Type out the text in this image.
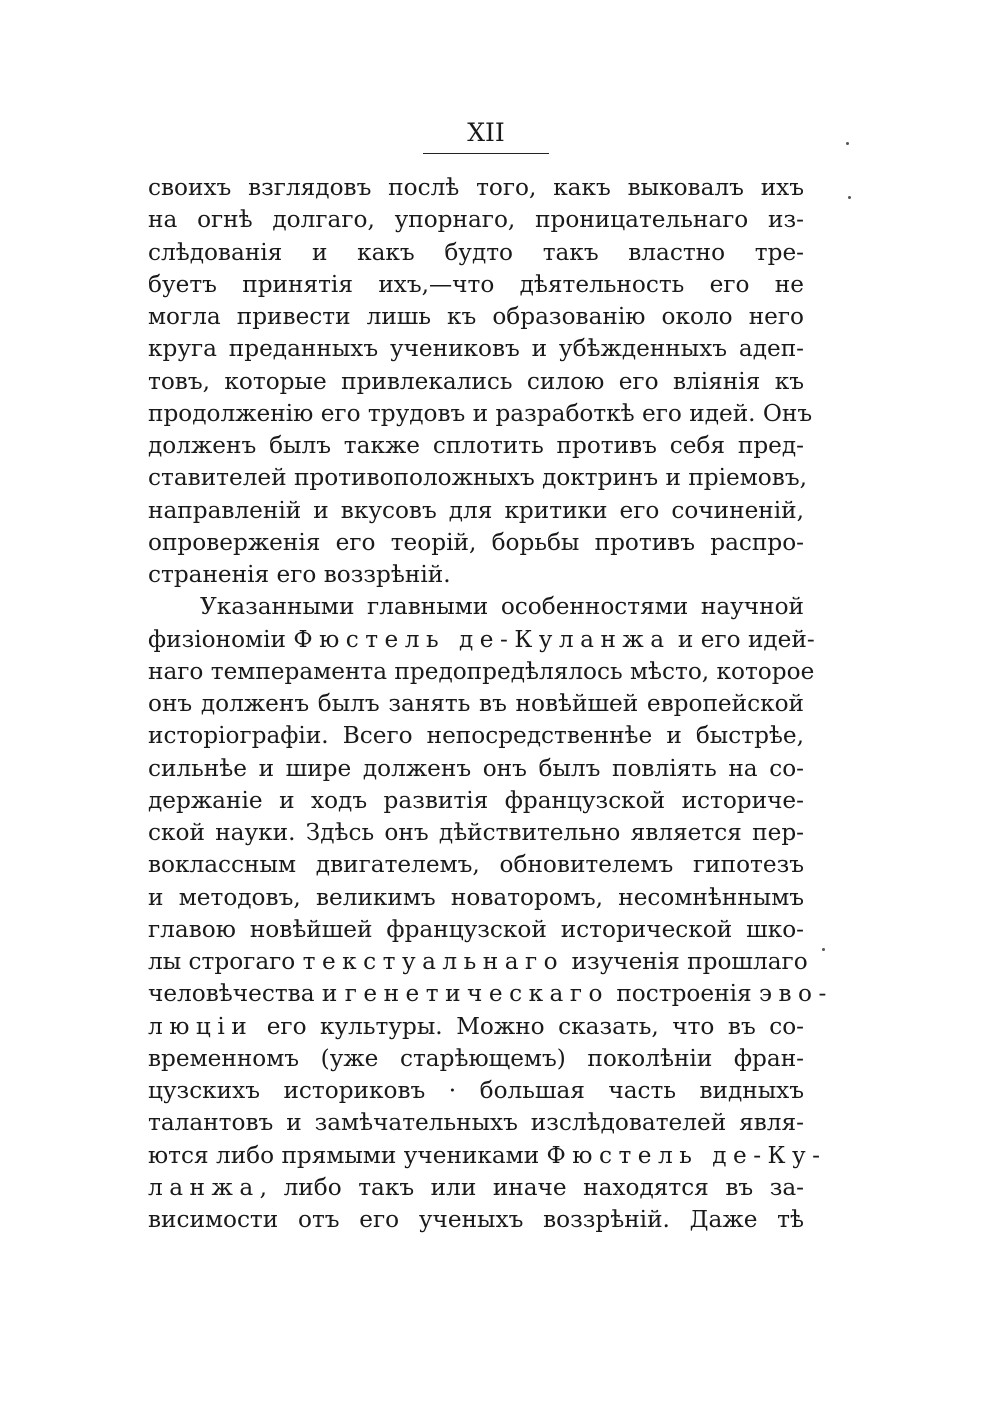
XII
своихъ взглядовъ послѣ того, какъ выковалъ ихъ
на огнѣ долгаго, упорнаго, проницательнаго из-
слѣдованія и какъ будто такъ властно тре-
буетъ принятія ихъ,—что дѣятельность его не
могла привести лишь къ образованію около него
круга преданныхъ учениковъ и убѣжденныхъ адеп-
товъ, которые привлекались силою его вліянія къ
продолженію его трудовъ и разработкѣ его идей. Онъ
долженъ былъ также сплотить противъ себя пред-
ставителей противоположныхъ доктринъ и пріемовъ,
направленій и вкусовъ для критики его сочиненій,
опроверженія его теорій, борьбы противъ распро-
страненія его воззрѣній.
Указанными главными особенностями научной
физіономіи Фюстель де-Куланжа и его идей-
наго темперамента предопредѣлялось мѣсто, которое
онъ долженъ былъ занять въ новѣйшей европейской
исторіографіи. Всего непосредственнѣе и быстрѣе,
сильнѣе и шире долженъ онъ былъ повліять на со-
держаніе и ходъ развитія французской историче-
ской науки. Здѣсь онъ дѣйствительно является пер-
воклассным двигателемъ, обновителемъ гипотезъ
и методовъ, великимъ новаторомъ, несомнѣннымъ
главою новѣйшей французской исторической шко-
лы строгаго текстуальнаго изученія прошлаго
человѣчества и генетическаго построенія эво-
люціи его культуры. Можно сказать, что въ со-
временномъ (уже старѣющемъ) поколѣніи фран-
цузскихъ историковъ · большая часть видныхъ
талантовъ и замѣчательныхъ изслѣдователей явля-
ются либо прямыми учениками Фюстель де-Ку-
ланжа, либо такъ или иначе находятся въ за-
висимости отъ его ученыхъ воззрѣній. Даже тѣ
